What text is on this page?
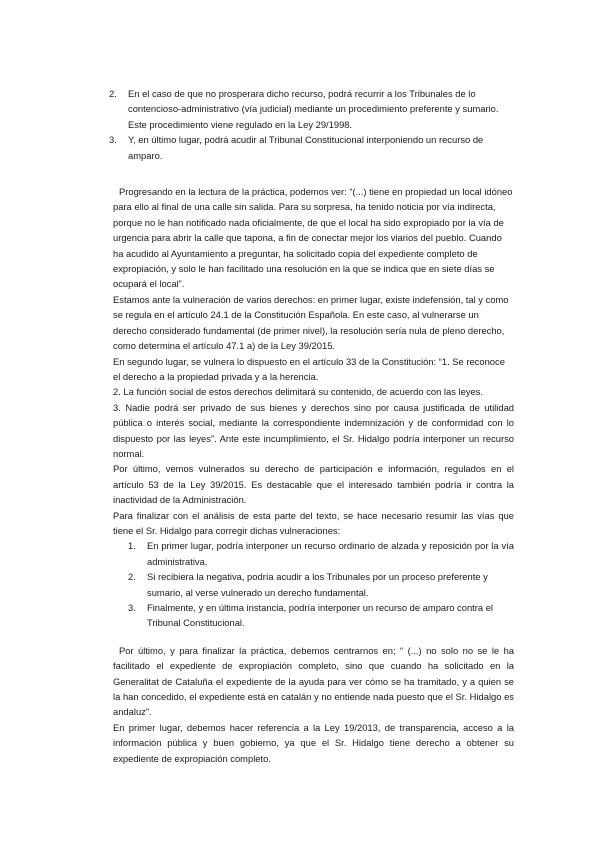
2. En el caso de que no prosperara dicho recurso, podrá recurrir a los Tribunales de lo contencioso-administrativo (vía judicial) mediante un procedimiento preferente y sumario. Este procedimiento viene regulado en la Ley 29/1998.

3. Y, en último lugar, podrá acudir al Tribunal Constitucional interponiendo un recurso de amparo.

Progresando en la lectura de la práctica, podemos ver: “(...) tiene en propiedad un local idóneo para ello al final de una calle sin salida. Para su sorpresa, ha tenido noticia por vía indirecta, porque no le han notificado nada oficialmente, de que el local ha sido expropiado por la vía de urgencia para abrir la calle que tapona, a fin de conectar mejor los viarios del pueblo. Cuando ha acudido al Ayuntamiento a preguntar, ha solicitado copia del expediente completo de expropiación, y solo le han facilitado una resolución en la que se indica que en siete días se ocupará el local”.

Estamos ante la vulneración de varios derechos: en primer lugar, existe indefensión, tal y como se regula en el artículo 24.1 de la Constitución Española. En este caso, al vulnerarse un derecho considerado fundamental (de primer nivel), la resolución sería nula de pleno derecho, como determina el artículo 47.1 a) de la Ley 39/2015.

En segundo lugar, se vulnera lo dispuesto en el artículo 33 de la Constitución: “1. Se reconoce el derecho a la propiedad privada y a la herencia.

2. La función social de estos derechos delimitará su contenido, de acuerdo con las leyes.

3. Nadie podrá ser privado de sus bienes y derechos sino por causa justificada de utilidad pública o interés social, mediante la correspondiente indemnización y de conformidad con lo dispuesto por las leyes”. Ante este incumplimiento, el Sr. Hidalgo podría interponer un recurso normal.

Por último, vemos vulnerados su derecho de participación e información, regulados en el artículo 53 de la Ley 39/2015. Es destacable que el interesado también podría ir contra la inactividad de la Administración.

Para finalizar con el análisis de esta parte del texto, se hace necesario resumir las vías que tiene el Sr. Hidalgo para corregir dichas vulneraciones:

1. En primer lugar, podría interponer un recurso ordinario de alzada y reposición por la vía administrativa.

2. Si recibiera la negativa, podría acudir a los Tribunales por un proceso preferente y sumario, al verse vulnerado un derecho fundamental.

3. Finalmente, y en última instancia, podría interponer un recurso de amparo contra el Tribunal Constitucional.

Por último, y para finalizar la práctica, debemos centrarnos en; “ (...) no solo no se le ha facilitado el expediente de expropiación completo, sino que cuando ha solicitado en la Generalitat de Cataluña el expediente de la ayuda para ver cómo se ha tramitado, y a quien se la han concedido, el expediente está en catalán y no entiende nada puesto que el Sr. Hidalgo es andaluz”.

En primer lugar, debemos hacer referencia a la Ley 19/2013, de transparencia, acceso a la información pública y buen gobierno, ya que el Sr. Hidalgo tiene derecho a obtener su expediente de expropiación completo.
